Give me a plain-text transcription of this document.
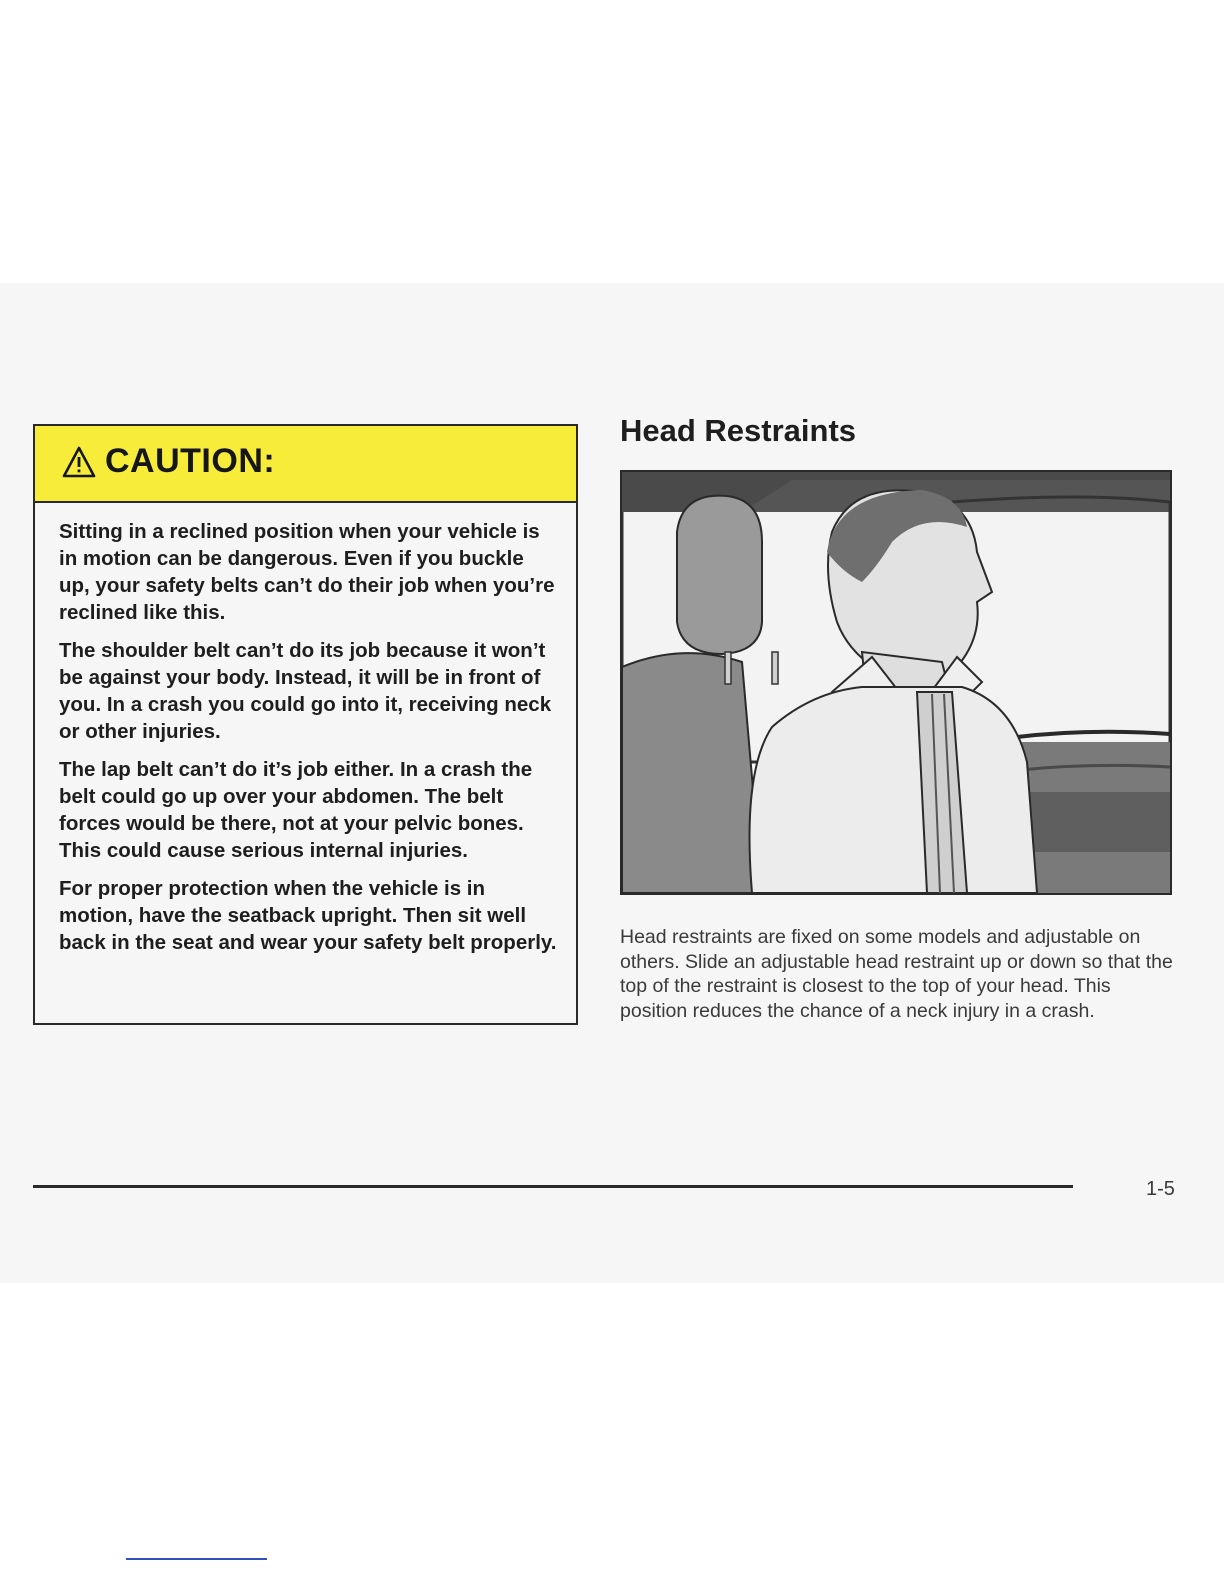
CAUTION:

Sitting in a reclined position when your vehicle is in motion can be dangerous. Even if you buckle up, your safety belts can’t do their job when you’re reclined like this.

The shoulder belt can’t do its job because it won’t be against your body. Instead, it will be in front of you. In a crash you could go into it, receiving neck or other injuries.

The lap belt can’t do it’s job either. In a crash the belt could go up over your abdomen. The belt forces would be there, not at your pelvic bones. This could cause serious internal injuries.

For proper protection when the vehicle is in motion, have the seatback upright. Then sit well back in the seat and wear your safety belt properly.

Head Restraints

Head restraints are fixed on some models and adjustable on others. Slide an adjustable head restraint up or down so that the top of the restraint is closest to the top of your head. This position reduces the chance of a neck injury in a crash.

1-5
